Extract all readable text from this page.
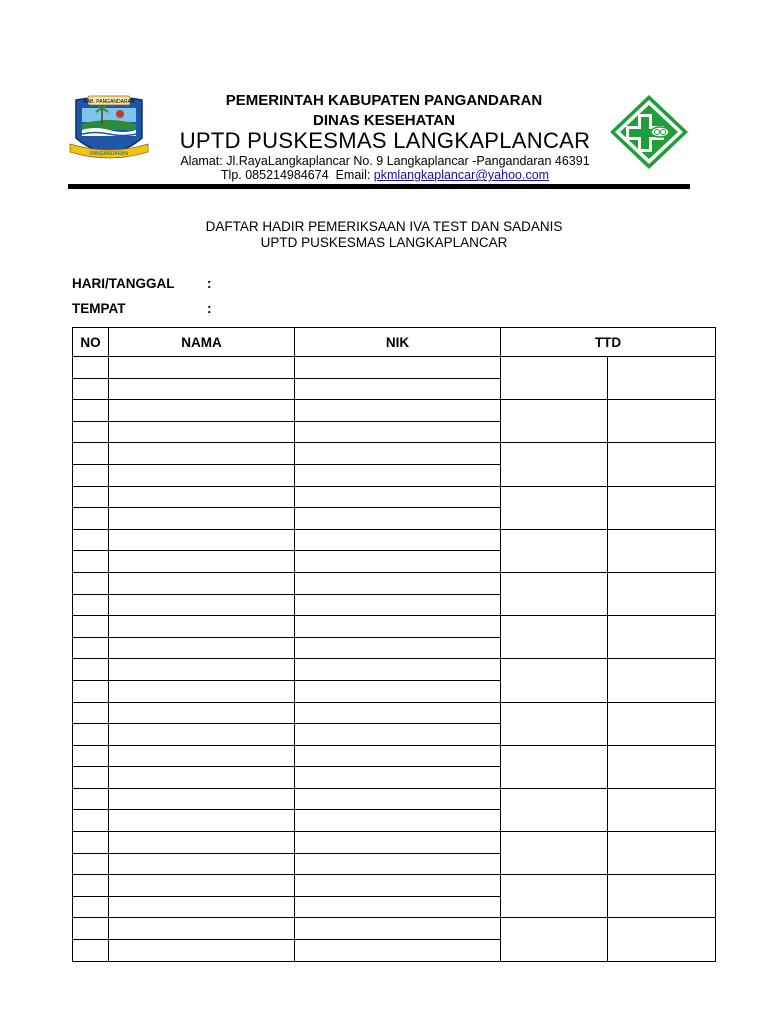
KAB. PANGANDARAN
PANGANDARAN
PEMERINTAH KABUPATEN PANGANDARAN
DINAS KESEHATAN
UPTD PUSKESMAS LANGKAPLANCAR
Alamat: Jl.RayaLangkaplancar No. 9 Langkaplancar -Pangandaran 46391
Tlp. 085214984674  Email: pkmlangkaplancar@yahoo.com
DAFTAR HADIR PEMERIKSAAN IVA TEST DAN SADANIS
UPTD PUSKESMAS LANGKAPLANCAR
HARI/TANGGAL :
TEMPAT	:
NO	NAMA	NIK	TTD	
